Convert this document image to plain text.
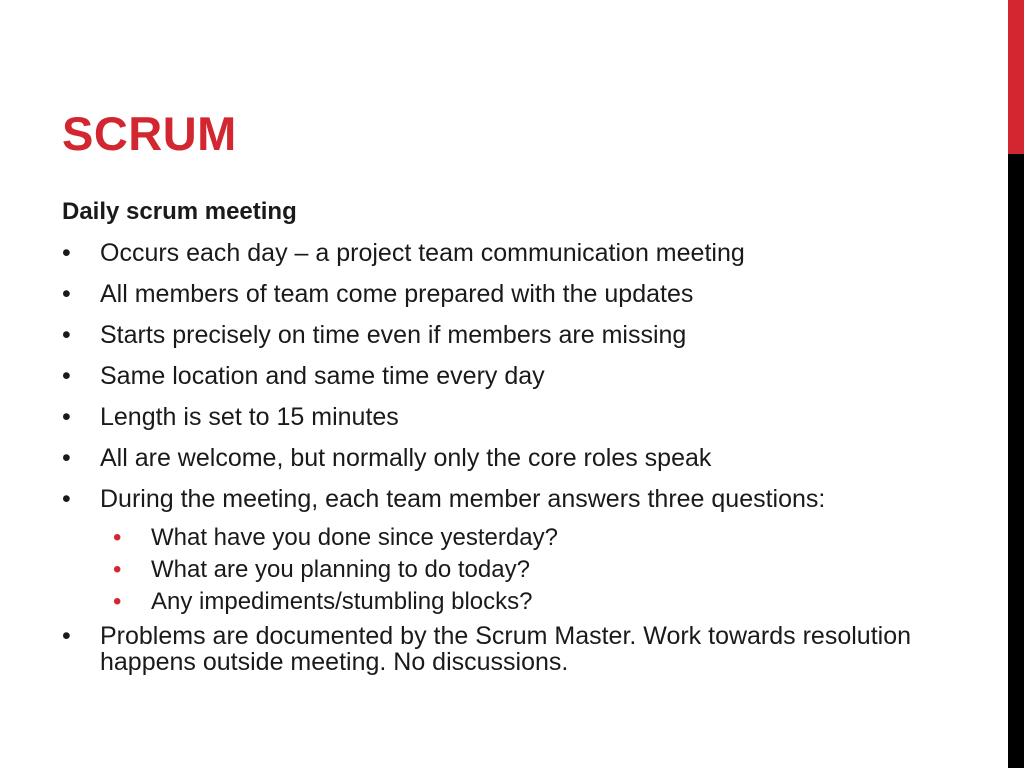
SCRUM
Daily scrum meeting
•	Occurs each day – a project team communication meeting
•	All members of team come prepared with the updates
•	Starts precisely on time even if members are missing
•	Same location and same time every day
•	Length is set to 15 minutes
•	All are welcome, but normally only the core roles speak
•	During the meeting, each team member answers three questions:
• What have you done since yesterday?
• What are you planning to do today?
• Any impediments/stumbling blocks?
•	Problems are documented by the Scrum Master. Work towards resolution happens outside meeting. No discussions.
